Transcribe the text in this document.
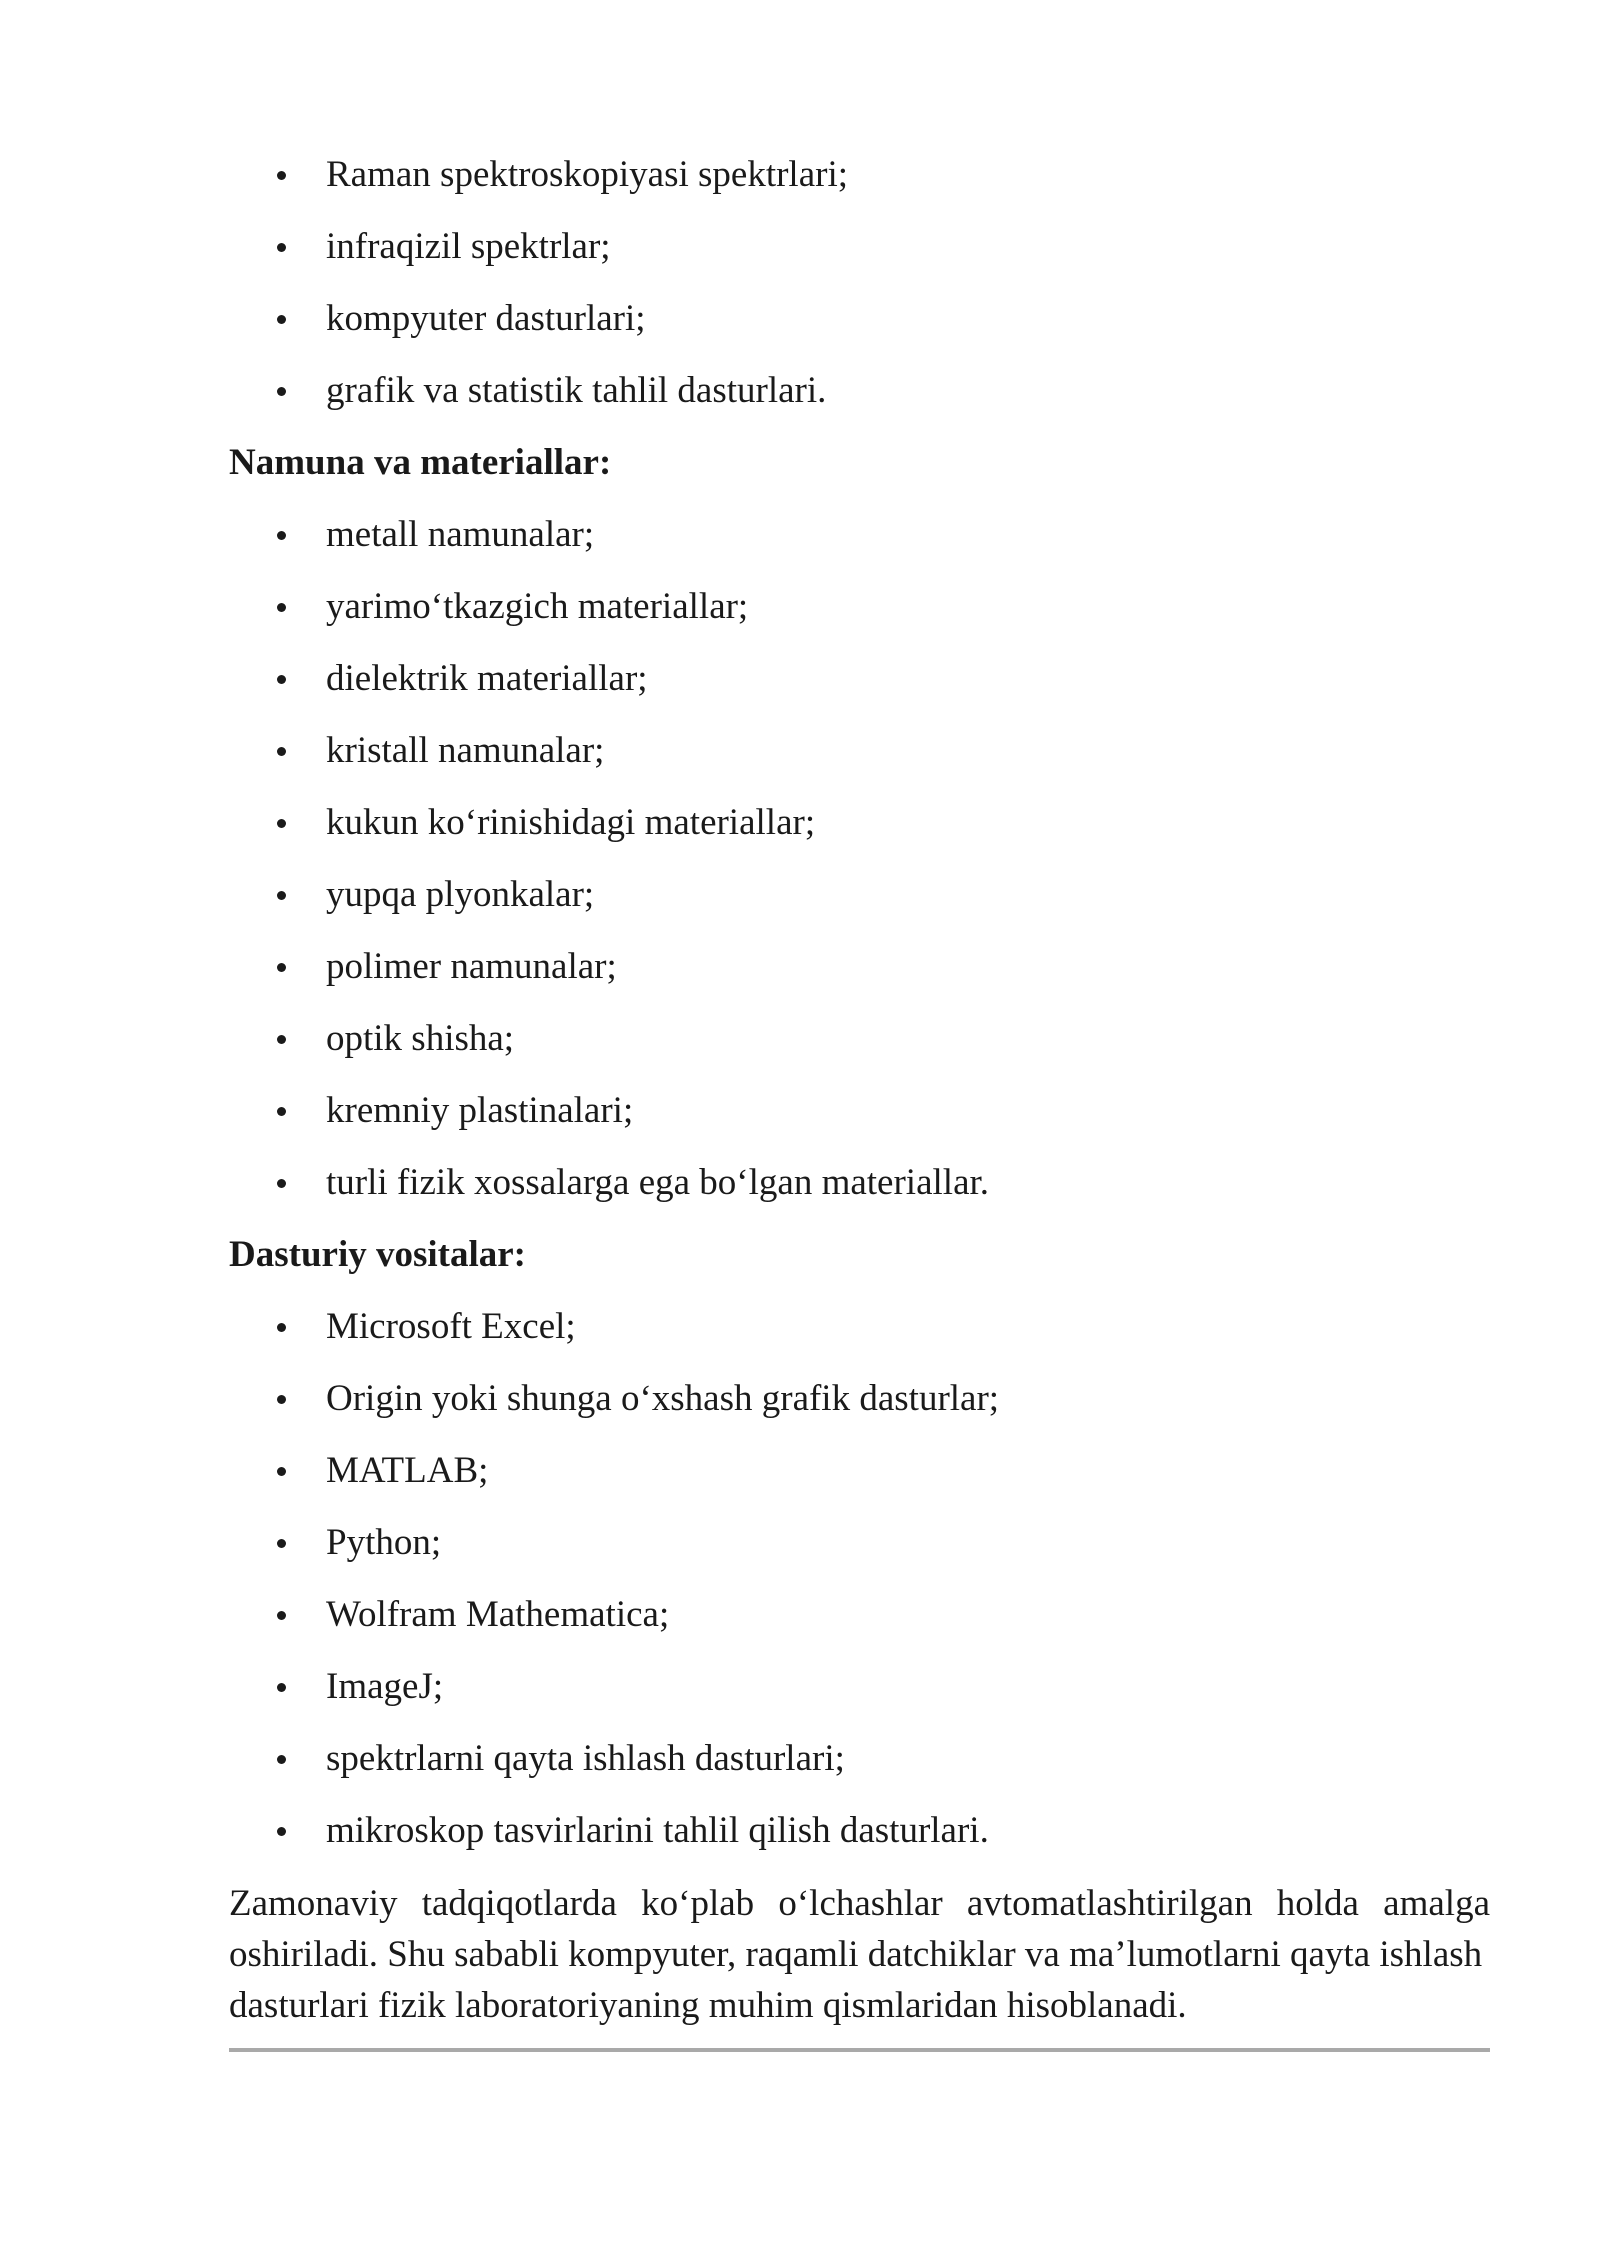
Raman spektroskopiyasi spektrlari;
infraqizil spektrlar;
kompyuter dasturlari;
grafik va statistik tahlil dasturlari.
Namuna va materiallar:
metall namunalar;
yarimo‘tkazgich materiallar;
dielektrik materiallar;
kristall namunalar;
kukun ko‘rinishidagi materiallar;
yupqa plyonkalar;
polimer namunalar;
optik shisha;
kremniy plastinalari;
turli fizik xossalarga ega bo‘lgan materiallar.
Dasturiy vositalar:
Microsoft Excel;
Origin yoki shunga o‘xshash grafik dasturlar;
MATLAB;
Python;
Wolfram Mathematica;
ImageJ;
spektrlarni qayta ishlash dasturlari;
mikroskop tasvirlarini tahlil qilish dasturlari.
Zamonaviy tadqiqotlarda ko‘plab o‘lchashlar avtomatlashtirilgan holda amalga
oshiriladi. Shu sababli kompyuter, raqamli datchiklar va ma’lumotlarni qayta ishlash
dasturlari fizik laboratoriyaning muhim qismlaridan hisoblanadi.
